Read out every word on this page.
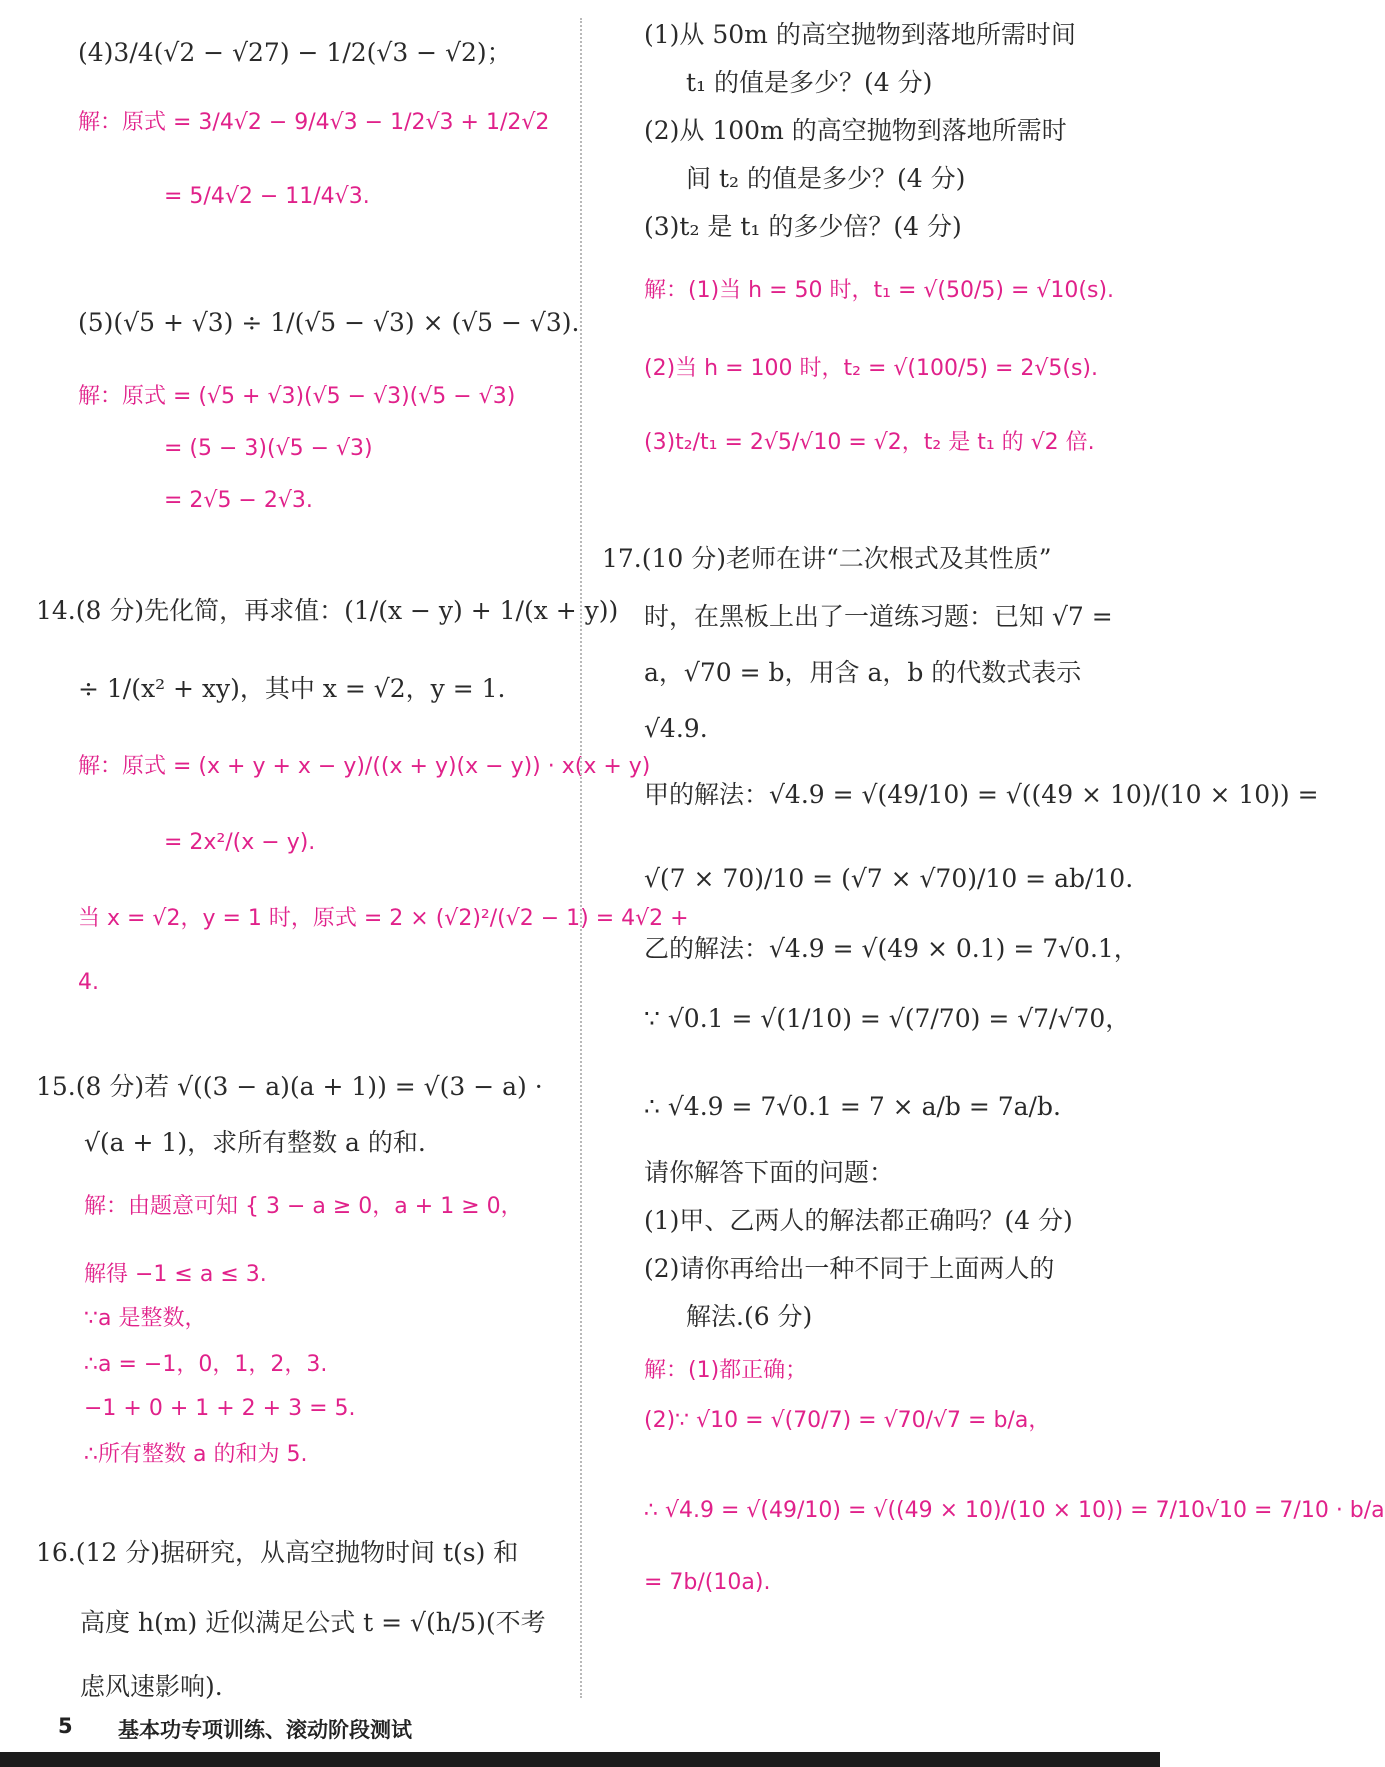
(4)3/4(√2 − √27) − 1/2(√3 − √2)；
解：原式 = 3/4√2 − 9/4√3 − 1/2√3 + 1/2√2
= 5/4√2 − 11/4√3.
(5)(√5 + √3) ÷ 1/(√5 − √3) × (√5 − √3).
解：原式 = (√5 + √3)(√5 − √3)(√5 − √3)
= (5 − 3)(√5 − √3)
= 2√5 − 2√3.
14.(8 分)先化简，再求值：(1/(x − y) + 1/(x + y))
÷ 1/(x² + xy)，其中 x = √2，y = 1.
解：原式 = (x + y + x − y)/((x + y)(x − y)) · x(x + y)
= 2x²/(x − y).
当 x = √2，y = 1 时，原式 = 2 × (√2)²/(√2 − 1) = 4√2 +
4.
15.(8 分)若 √((3 − a)(a + 1)) = √(3 − a) ·
√(a + 1)，求所有整数 a 的和.
解：由题意可知 { 3 − a ≥ 0，a + 1 ≥ 0，
解得 −1 ≤ a ≤ 3.
∵a 是整数，
∴a = −1，0，1，2，3.
−1 + 0 + 1 + 2 + 3 = 5.
∴所有整数 a 的和为 5.
16.(12 分)据研究，从高空抛物时间 t(s) 和
高度 h(m) 近似满足公式 t = √(h/5)(不考
虑风速影响).
(1)从 50m 的高空抛物到落地所需时间
t₁ 的值是多少？(4 分)
(2)从 100m 的高空抛物到落地所需时
间 t₂ 的值是多少？(4 分)
(3)t₂ 是 t₁ 的多少倍？(4 分)
解：(1)当 h = 50 时，t₁ = √(50/5) = √10(s).
(2)当 h = 100 时，t₂ = √(100/5) = 2√5(s).
(3)t₂/t₁ = 2√5/√10 = √2，t₂ 是 t₁ 的 √2 倍.
17.(10 分)老师在讲“二次根式及其性质”
时，在黑板上出了一道练习题：已知 √7 =
a，√70 = b，用含 a，b 的代数式表示
√4.9.
甲的解法：√4.9 = √(49/10) = √((49 × 10)/(10 × 10)) =
√(7 × 70)/10 = (√7 × √70)/10 = ab/10.
乙的解法：√4.9 = √(49 × 0.1) = 7√0.1，
∵ √0.1 = √(1/10) = √(7/70) = √7/√70，
∴ √4.9 = 7√0.1 = 7 × a/b = 7a/b.
请你解答下面的问题：
(1)甲、乙两人的解法都正确吗？(4 分)
(2)请你再给出一种不同于上面两人的
解法.(6 分)
解：(1)都正确；
(2)∵ √10 = √(70/7) = √70/√7 = b/a，
∴ √4.9 = √(49/10) = √((49 × 10)/(10 × 10)) = 7/10√10 = 7/10 · b/a
= 7b/(10a).
5 基本功专项训练、滚动阶段测试
